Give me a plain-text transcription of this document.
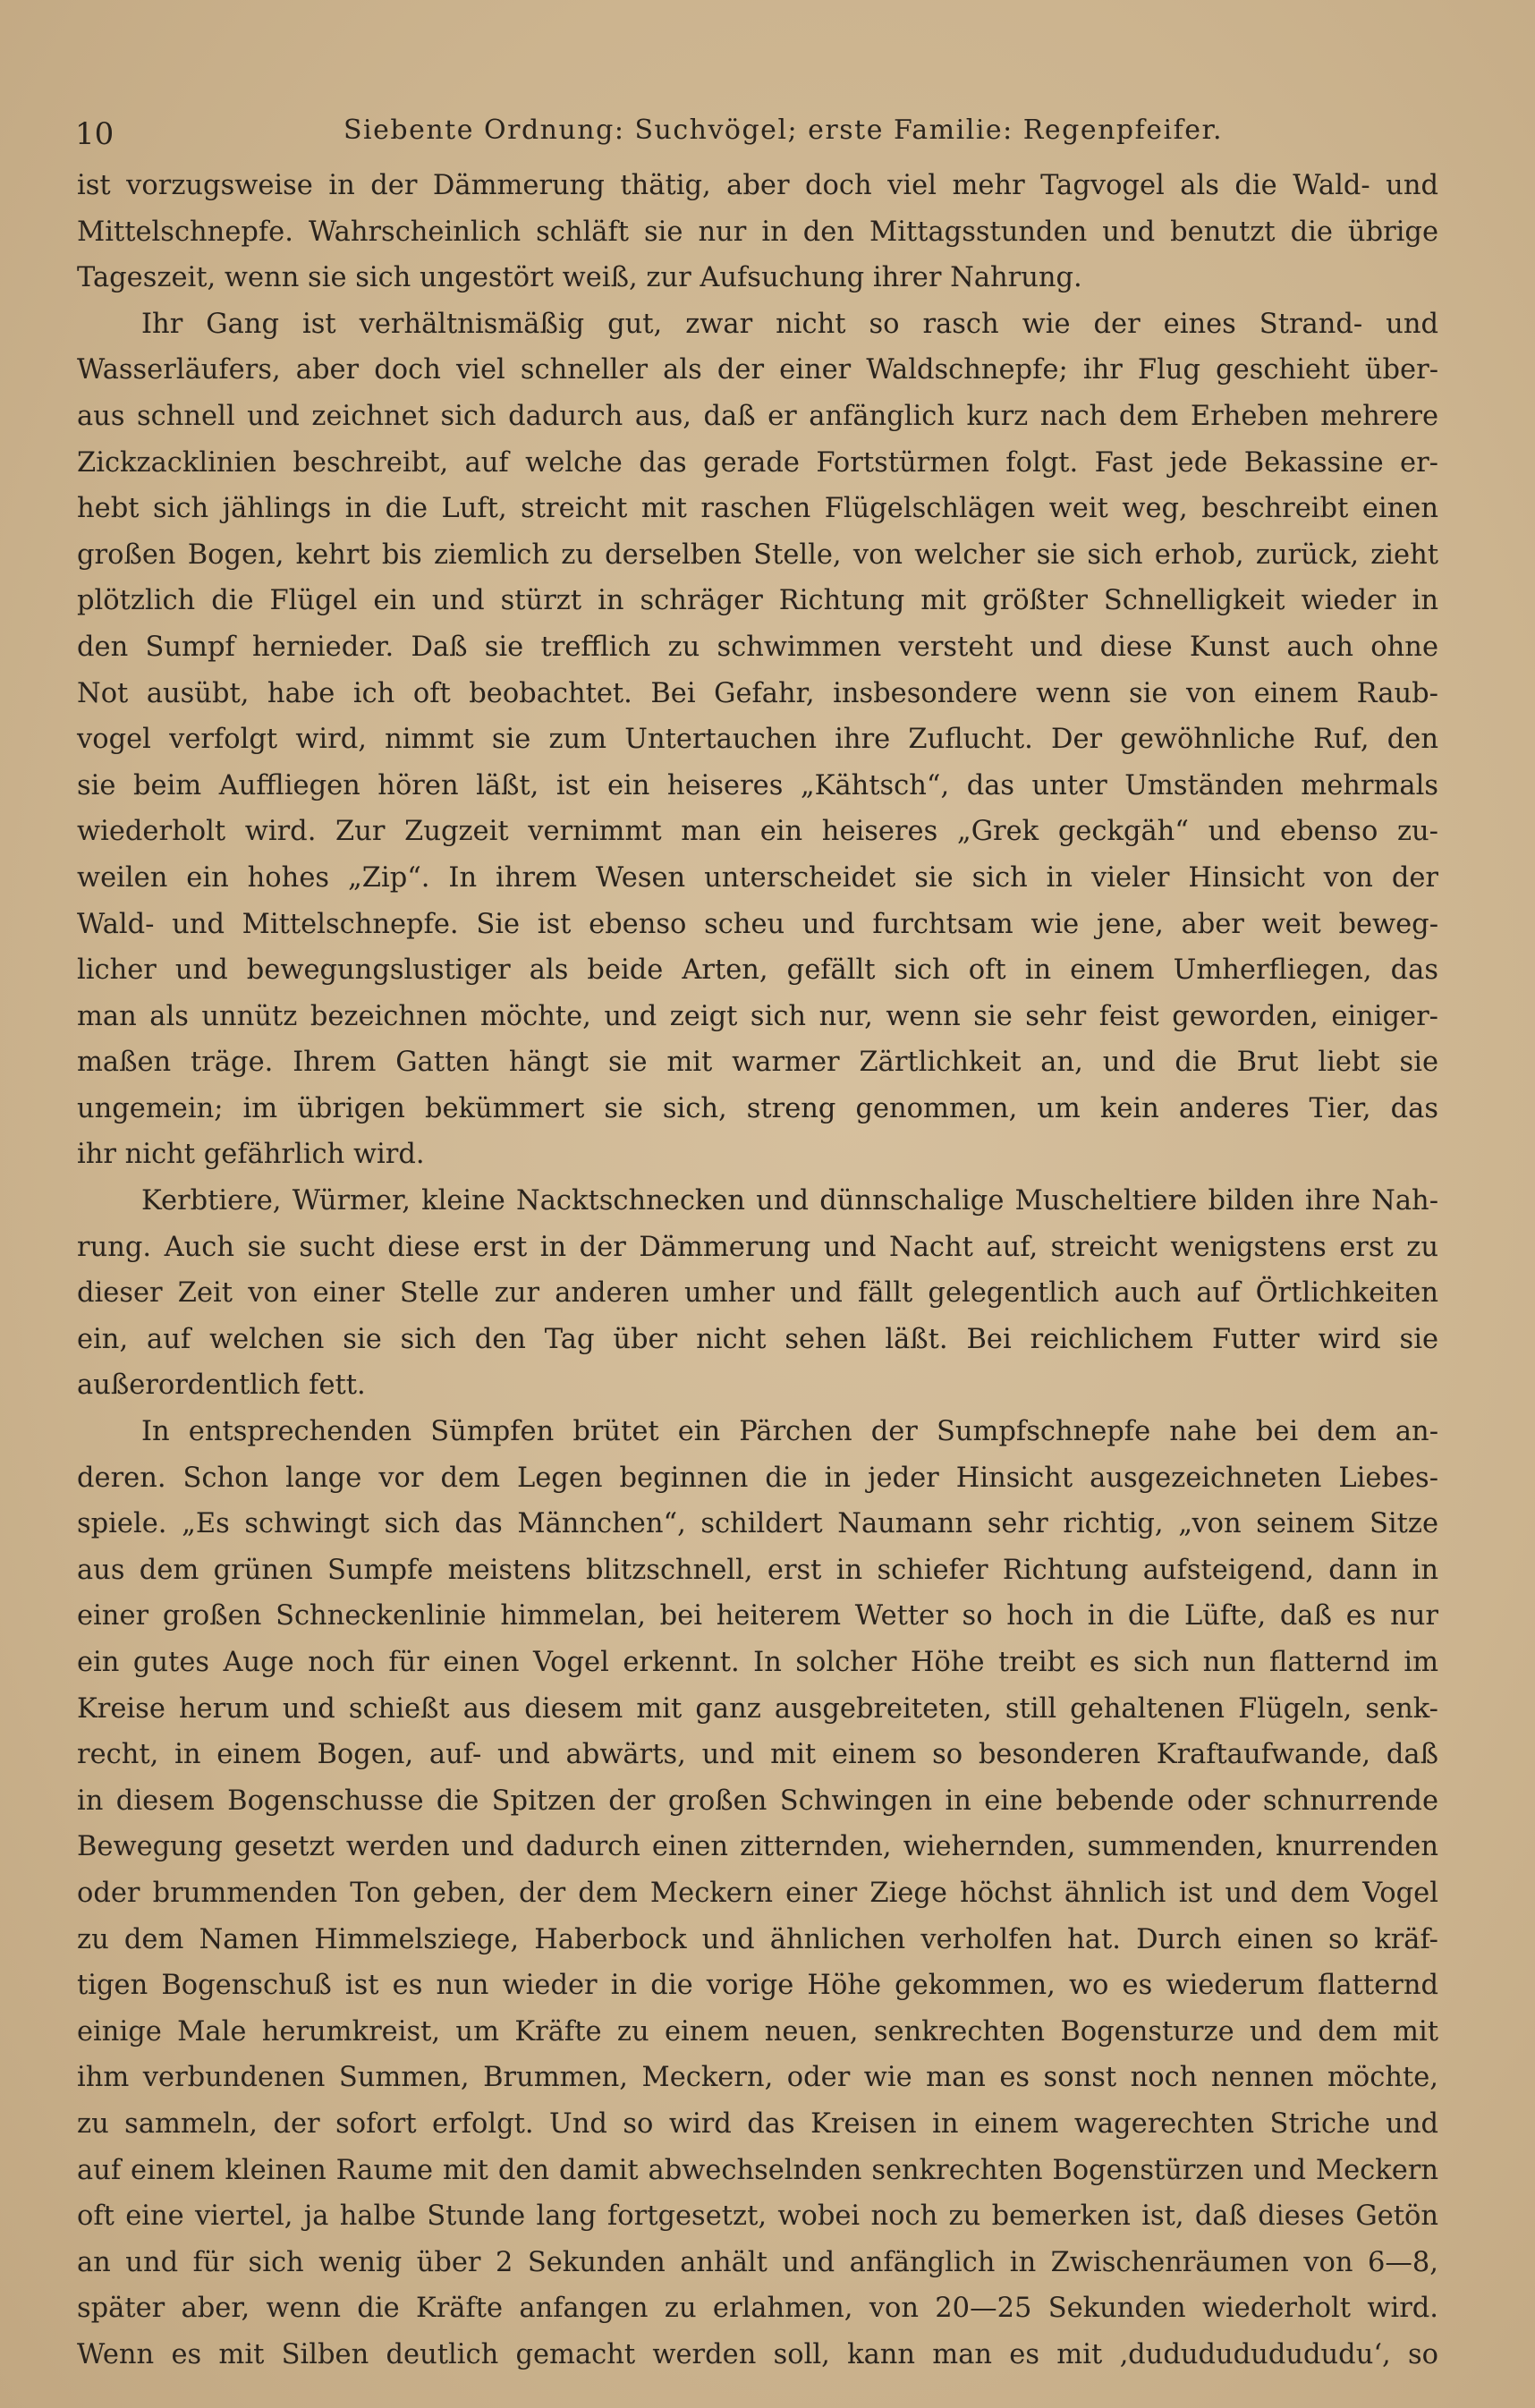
10	Siebente Ordnung: Suchvögel; erste Familie: Regenpfeifer.
ist vorzugsweise in der Dämmerung thätig, aber doch viel mehr Tagvogel als die Wald- und
Mittelschnepfe. Wahrscheinlich schläft sie nur in den Mittagsstunden und benutzt die übrige
Tageszeit, wenn sie sich ungestört weiß, zur Aufsuchung ihrer Nahrung.
Ihr Gang ist verhältnismäßig gut, zwar nicht so rasch wie der eines Strand- und
Wasserläufers, aber doch viel schneller als der einer Waldschnepfe; ihr Flug geschieht über-
aus schnell und zeichnet sich dadurch aus, daß er anfänglich kurz nach dem Erheben mehrere
Zickzacklinien beschreibt, auf welche das gerade Fortstürmen folgt. Fast jede Bekassine er-
hebt sich jählings in die Luft, streicht mit raschen Flügelschlägen weit weg, beschreibt einen
großen Bogen, kehrt bis ziemlich zu derselben Stelle, von welcher sie sich erhob, zurück, zieht
plötzlich die Flügel ein und stürzt in schräger Richtung mit größter Schnelligkeit wieder in
den Sumpf hernieder. Daß sie trefflich zu schwimmen versteht und diese Kunst auch ohne
Not ausübt, habe ich oft beobachtet. Bei Gefahr, insbesondere wenn sie von einem Raub-
vogel verfolgt wird, nimmt sie zum Untertauchen ihre Zuflucht. Der gewöhnliche Ruf, den
sie beim Auffliegen hören läßt, ist ein heiseres „Kähtsch“, das unter Umständen mehrmals
wiederholt wird. Zur Zugzeit vernimmt man ein heiseres „Grek geckgäh“ und ebenso zu-
weilen ein hohes „Zip“. In ihrem Wesen unterscheidet sie sich in vieler Hinsicht von der
Wald- und Mittelschnepfe. Sie ist ebenso scheu und furchtsam wie jene, aber weit beweg-
licher und bewegungslustiger als beide Arten, gefällt sich oft in einem Umherfliegen, das
man als unnütz bezeichnen möchte, und zeigt sich nur, wenn sie sehr feist geworden, einiger-
maßen träge. Ihrem Gatten hängt sie mit warmer Zärtlichkeit an, und die Brut liebt sie
ungemein; im übrigen bekümmert sie sich, streng genommen, um kein anderes Tier, das
ihr nicht gefährlich wird.
Kerbtiere, Würmer, kleine Nacktschnecken und dünnschalige Muscheltiere bilden ihre Nah-
rung. Auch sie sucht diese erst in der Dämmerung und Nacht auf, streicht wenigstens erst zu
dieser Zeit von einer Stelle zur anderen umher und fällt gelegentlich auch auf Örtlichkeiten
ein, auf welchen sie sich den Tag über nicht sehen läßt. Bei reichlichem Futter wird sie
außerordentlich fett.
In entsprechenden Sümpfen brütet ein Pärchen der Sumpfschnepfe nahe bei dem an-
deren. Schon lange vor dem Legen beginnen die in jeder Hinsicht ausgezeichneten Liebes-
spiele. „Es schwingt sich das Männchen“, schildert Naumann sehr richtig, „von seinem Sitze
aus dem grünen Sumpfe meistens blitzschnell, erst in schiefer Richtung aufsteigend, dann in
einer großen Schneckenlinie himmelan, bei heiterem Wetter so hoch in die Lüfte, daß es nur
ein gutes Auge noch für einen Vogel erkennt. In solcher Höhe treibt es sich nun flatternd im
Kreise herum und schießt aus diesem mit ganz ausgebreiteten, still gehaltenen Flügeln, senk-
recht, in einem Bogen, auf- und abwärts, und mit einem so besonderen Kraftaufwande, daß
in diesem Bogenschusse die Spitzen der großen Schwingen in eine bebende oder schnurrende
Bewegung gesetzt werden und dadurch einen zitternden, wiehernden, summenden, knurrenden
oder brummenden Ton geben, der dem Meckern einer Ziege höchst ähnlich ist und dem Vogel
zu dem Namen Himmelsziege, Haberbock und ähnlichen verholfen hat. Durch einen so kräf-
tigen Bogenschuß ist es nun wieder in die vorige Höhe gekommen, wo es wiederum flatternd
einige Male herumkreist, um Kräfte zu einem neuen, senkrechten Bogensturze und dem mit
ihm verbundenen Summen, Brummen, Meckern, oder wie man es sonst noch nennen möchte,
zu sammeln, der sofort erfolgt. Und so wird das Kreisen in einem wagerechten Striche und
auf einem kleinen Raume mit den damit abwechselnden senkrechten Bogenstürzen und Meckern
oft eine viertel, ja halbe Stunde lang fortgesetzt, wobei noch zu bemerken ist, daß dieses Getön
an und für sich wenig über 2 Sekunden anhält und anfänglich in Zwischenräumen von 6—8,
später aber, wenn die Kräfte anfangen zu erlahmen, von 20—25 Sekunden wiederholt wird.
Wenn es mit Silben deutlich gemacht werden soll, kann man es mit ‚dududududududu‘, so
